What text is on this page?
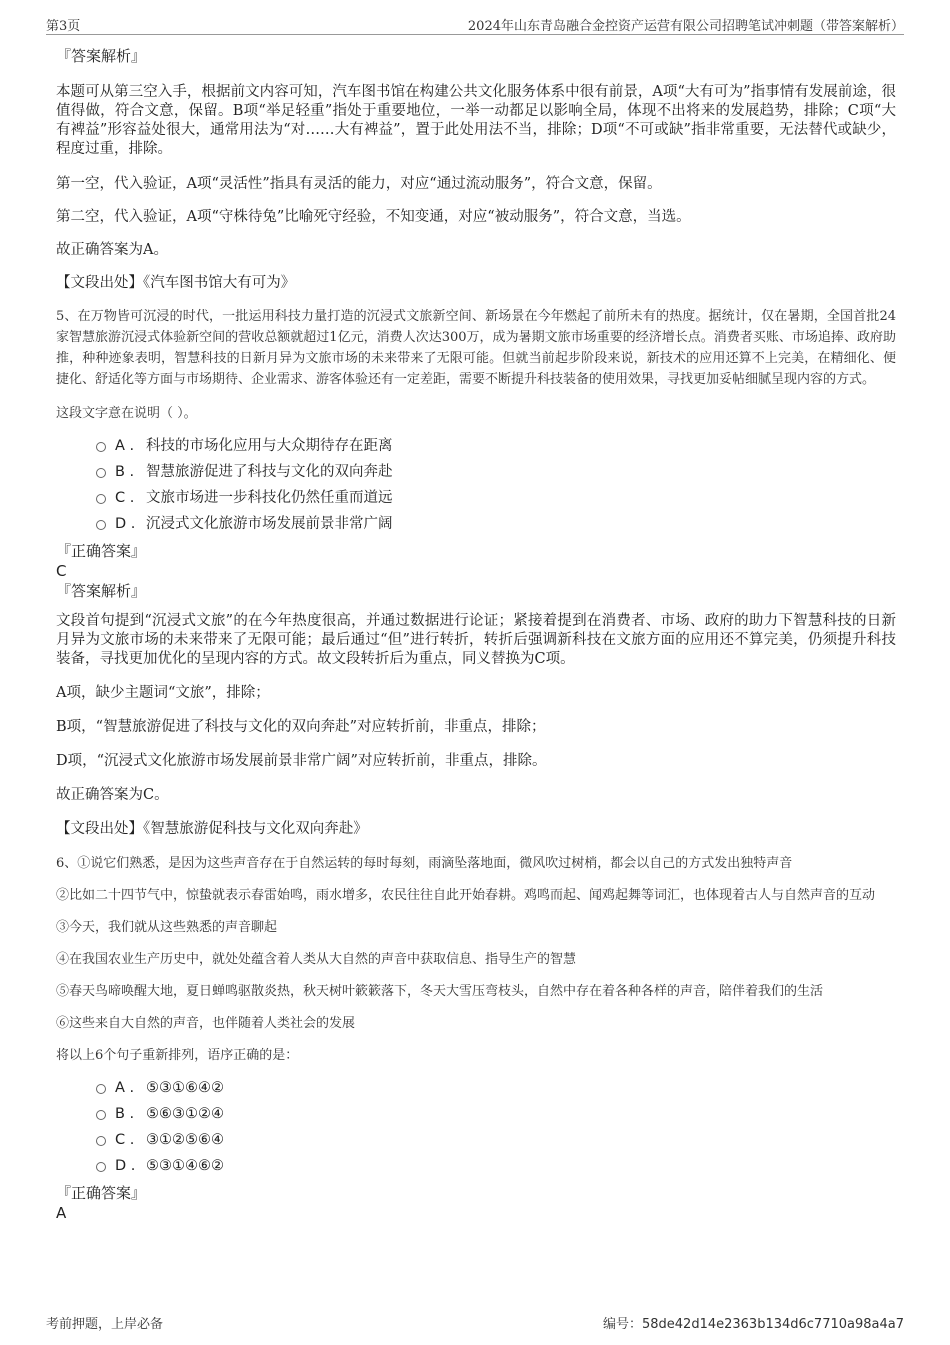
第3页	2024年山东青岛融合金控资产运营有限公司招聘笔试冲刺题（带答案解析）

『答案解析』

本题可从第三空入手，根据前文内容可知，汽车图书馆在构建公共文化服务体系中很有前景，A项“大有可为”指事情有发展前途，很值得做，符合文意，保留。B项“举足轻重”指处于重要地位，一举一动都足以影响全局，体现不出将来的发展趋势，排除；C项“大有裨益”形容益处很大，通常用法为“对……大有裨益”，置于此处用法不当，排除；D项“不可或缺”指非常重要，无法替代或缺少，程度过重，排除。

第一空，代入验证，A项“灵活性”指具有灵活的能力，对应“通过流动服务”，符合文意，保留。

第二空，代入验证，A项“守株待兔”比喻死守经验，不知变通，对应“被动服务”，符合文意，当选。

故正确答案为A。

【文段出处】《汽车图书馆大有可为》

5、在万物皆可沉浸的时代，一批运用科技力量打造的沉浸式文旅新空间、新场景在今年燃起了前所未有的热度。据统计，仅在暑期，全国首批24家智慧旅游沉浸式体验新空间的营收总额就超过1亿元，消费人次达300万，成为暑期文旅市场重要的经济增长点。消费者买账、市场追捧、政府助推，种种迹象表明，智慧科技的日新月异为文旅市场的未来带来了无限可能。但就当前起步阶段来说，新技术的应用还算不上完美，在精细化、便捷化、舒适化等方面与市场期待、企业需求、游客体验还有一定差距，需要不断提升科技装备的使用效果，寻找更加妥帖细腻呈现内容的方式。

这段文字意在说明（ ）。

A . 科技的市场化应用与大众期待存在距离
B . 智慧旅游促进了科技与文化的双向奔赴
C . 文旅市场进一步科技化仍然任重而道远
D . 沉浸式文化旅游市场发展前景非常广阔

『正确答案』

C

『答案解析』

文段首句提到“沉浸式文旅”的在今年热度很高，并通过数据进行论证；紧接着提到在消费者、市场、政府的助力下智慧科技的日新月异为文旅市场的未来带来了无限可能；最后通过“但”进行转折，转折后强调新科技在文旅方面的应用还不算完美，仍须提升科技装备，寻找更加优化的呈现内容的方式。故文段转折后为重点，同义替换为C项。

A项，缺少主题词“文旅”，排除；

B项，“智慧旅游促进了科技与文化的双向奔赴”对应转折前，非重点，排除；

D项，“沉浸式文化旅游市场发展前景非常广阔”对应转折前，非重点，排除。

故正确答案为C。

【文段出处】《智慧旅游促科技与文化双向奔赴》

6、①说它们熟悉，是因为这些声音存在于自然运转的每时每刻，雨滴坠落地面，微风吹过树梢，都会以自己的方式发出独特声音

②比如二十四节气中，惊蛰就表示春雷始鸣，雨水增多，农民往往自此开始春耕。鸡鸣而起、闻鸡起舞等词汇，也体现着古人与自然声音的互动

③今天，我们就从这些熟悉的声音聊起

④在我国农业生产历史中，就处处蕴含着人类从大自然的声音中获取信息、指导生产的智慧

⑤春天鸟啼唤醒大地，夏日蝉鸣驱散炎热，秋天树叶簌簌落下，冬天大雪压弯枝头，自然中存在着各种各样的声音，陪伴着我们的生活

⑥这些来自大自然的声音，也伴随着人类社会的发展

将以上6个句子重新排列，语序正确的是：

A . ⑤③①⑥④②
B . ⑤⑥③①②④
C . ③①②⑤⑥④
D . ⑤③①④⑥②

『正确答案』

A

考前押题，上岸必备	编号：58de42d14e2363b134d6c7710a98a4a7
